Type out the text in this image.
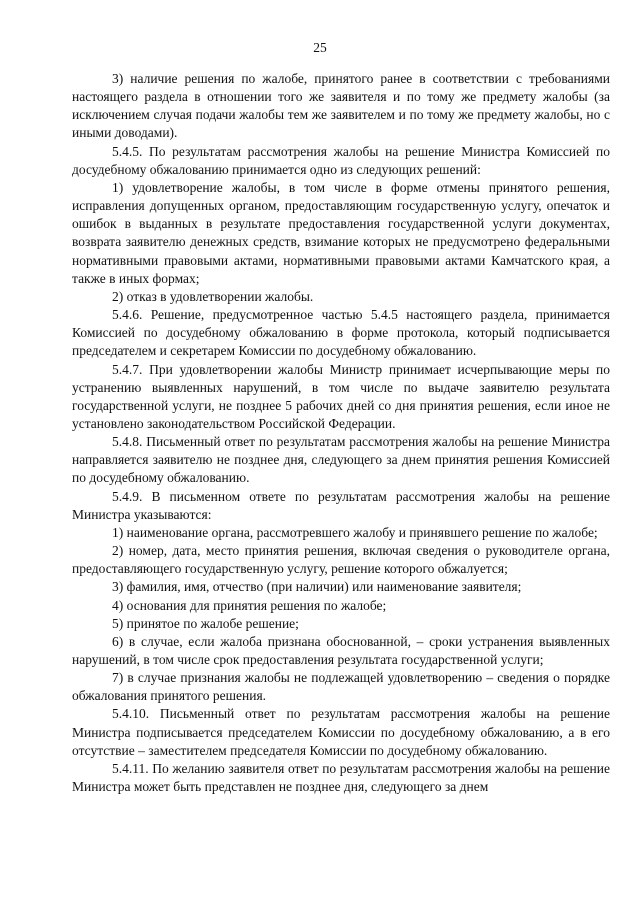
25

3) наличие решения по жалобе, принятого ранее в соответствии с требованиями настоящего раздела в отношении того же заявителя и по тому же предмету жалобы (за исключением случая подачи жалобы тем же заявителем и по тому же предмету жалобы, но с иными доводами).

5.4.5. По результатам рассмотрения жалобы на решение Министра Комиссией по досудебному обжалованию принимается одно из следующих решений:

1) удовлетворение жалобы, в том числе в форме отмены принятого решения, исправления допущенных органом, предоставляющим государственную услугу, опечаток и ошибок в выданных в результате предоставления государственной услуги документах, возврата заявителю денежных средств, взимание которых не предусмотрено федеральными нормативными правовыми актами, нормативными правовыми актами Камчатского края, а также в иных формах;

2) отказ в удовлетворении жалобы.

5.4.6. Решение, предусмотренное частью 5.4.5 настоящего раздела, принимается Комиссией по досудебному обжалованию в форме протокола, который подписывается председателем и секретарем Комиссии по досудебному обжалованию.

5.4.7. При удовлетворении жалобы Министр принимает исчерпывающие меры по устранению выявленных нарушений, в том числе по выдаче заявителю результата государственной услуги, не позднее 5 рабочих дней со дня принятия решения, если иное не установлено законодательством Российской Федерации.

5.4.8. Письменный ответ по результатам рассмотрения жалобы на решение Министра направляется заявителю не позднее дня, следующего за днем принятия решения Комиссией по досудебному обжалованию.

5.4.9. В письменном ответе по результатам рассмотрения жалобы на решение Министра указываются:

1) наименование органа, рассмотревшего жалобу и принявшего решение по жалобе;

2) номер, дата, место принятия решения, включая сведения о руководителе органа, предоставляющего государственную услугу, решение которого обжалуется;

3) фамилия, имя, отчество (при наличии) или наименование заявителя;

4) основания для принятия решения по жалобе;

5) принятое по жалобе решение;

6) в случае, если жалоба признана обоснованной, – сроки устранения выявленных нарушений, в том числе срок предоставления результата государственной услуги;

7) в случае признания жалобы не подлежащей удовлетворению – сведения о порядке обжалования принятого решения.

5.4.10. Письменный ответ по результатам рассмотрения жалобы на решение Министра подписывается председателем Комиссии по досудебному обжалованию, а в его отсутствие – заместителем председателя Комиссии по досудебному обжалованию.

5.4.11. По желанию заявителя ответ по результатам рассмотрения жалобы на решение Министра может быть представлен не позднее дня, следующего за днем
